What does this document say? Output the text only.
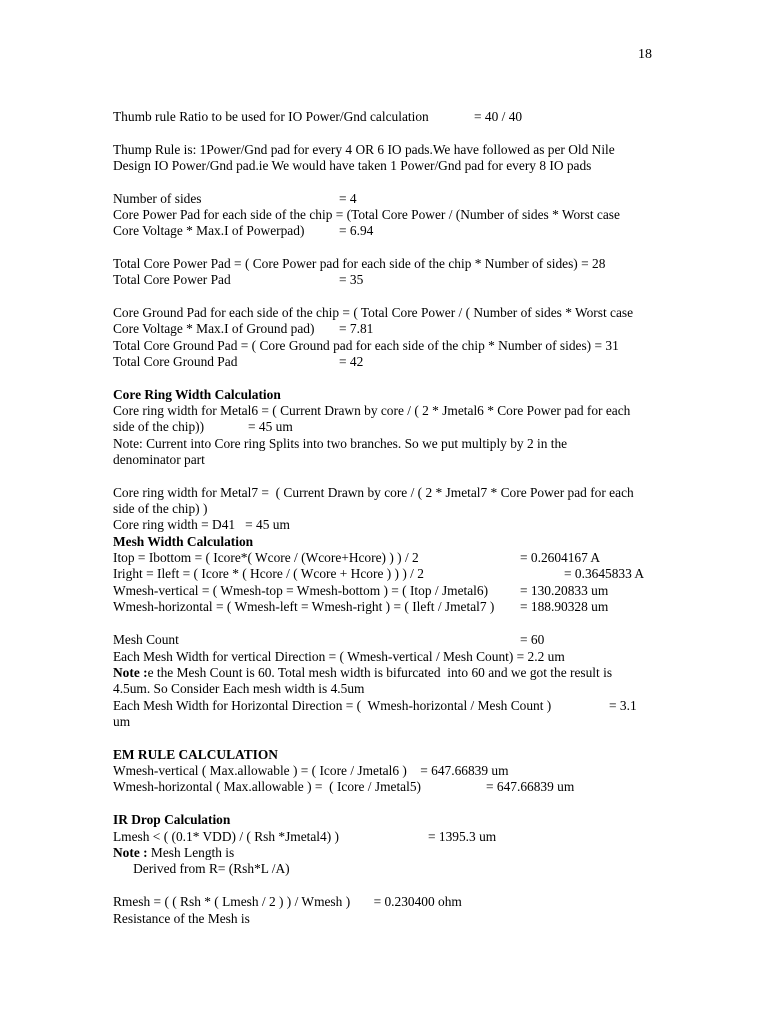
18
Thumb rule Ratio to be used for IO Power/Gnd calculation	= 40 / 40
Thump Rule is: 1Power/Gnd pad for every 4 OR 6 IO pads.We have followed as per Old Nile
Design IO Power/Gnd pad.ie We would have taken 1 Power/Gnd pad for every 8 IO pads
Number of sides	= 4
Core Power Pad for each side of the chip = (Total Core Power / (Number of sides * Worst case
Core Voltage * Max.I of Powerpad)	= 6.94
Total Core Power Pad = ( Core Power pad for each side of the chip * Number of sides) = 28
Total Core Power Pad	= 35
Core Ground Pad for each side of the chip = ( Total Core Power / ( Number of sides * Worst case
Core Voltage * Max.I of Ground pad) = 7.81
Total Core Ground Pad = ( Core Ground pad for each side of the chip * Number of sides) = 31
Total Core Ground Pad	= 42
Core Ring Width Calculation
Core ring width for Metal6 = ( Current Drawn by core / ( 2 * Jmetal6 * Core Power pad for each
side of the chip))	= 45 um
Note: Current into Core ring Splits into two branches. So we put multiply by 2 in the
denominator part
Core ring width for Metal7 =  ( Current Drawn by core / ( 2 * Jmetal7 * Core Power pad for each
side of the chip) )
Core ring width = D41   = 45 um
Mesh Width Calculation
Itop = Ibottom = ( Icore*( Wcore / (Wcore+Hcore) ) ) / 2	= 0.2604167 A
Iright = Ileft = ( Icore * ( Hcore / ( Wcore + Hcore ) ) ) / 2	= 0.3645833 A
Wmesh-vertical = ( Wmesh-top = Wmesh-bottom ) = ( Itop / Jmetal6) = 130.20833 um
Wmesh-horizontal = ( Wmesh-left = Wmesh-right ) = ( Ileft / Jmetal7 ) = 188.90328 um
Mesh Count	= 60
Each Mesh Width for vertical Direction = ( Wmesh-vertical / Mesh Count) = 2.2 um
Note :e the Mesh Count is 60. Total mesh width is bifurcated  into 60 and we got the result is
4.5um. So Consider Each mesh width is 4.5um
Each Mesh Width for Horizontal Direction = (  Wmesh-horizontal / Mesh Count )	= 3.1
um
EM RULE CALCULATION
Wmesh-vertical ( Max.allowable ) = ( Icore / Jmetal6 )    = 647.66839 um
Wmesh-horizontal ( Max.allowable ) =  ( Icore / Jmetal5)	= 647.66839 um
IR Drop Calculation
Lmesh < ( (0.1* VDD) / ( Rsh *Jmetal4) )	= 1395.3 um
Note : Mesh Length is
Derived from R= (Rsh*L /A)
Rmesh = ( ( Rsh * ( Lmesh / 2 ) ) / Wmesh )       = 0.230400 ohm
Resistance of the Mesh is
